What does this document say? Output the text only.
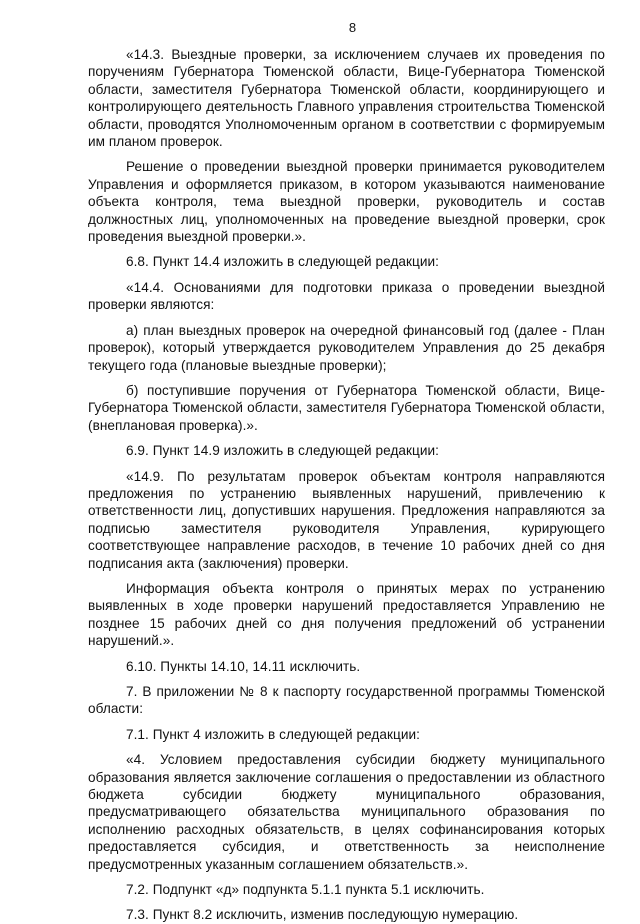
8

«14.3. Выездные проверки, за исключением случаев их проведения по поручениям Губернатора Тюменской области, Вице-Губернатора Тюменской области, заместителя Губернатора Тюменской области, координирующего и контролирующего деятельность Главного управления строительства Тюменской области, проводятся Уполномоченным органом в соответствии с формируемым им планом проверок.

Решение о проведении выездной проверки принимается руководителем Управления и оформляется приказом, в котором указываются наименование объекта контроля, тема выездной проверки, руководитель и состав должностных лиц, уполномоченных на проведение выездной проверки, срок проведения выездной проверки.».

6.8. Пункт 14.4 изложить в следующей редакции:

«14.4. Основаниями для подготовки приказа о проведении выездной проверки являются:

а) план выездных проверок на очередной финансовый год (далее - План проверок), который утверждается руководителем Управления до 25 декабря текущего года (плановые выездные проверки);

б) поступившие поручения от Губернатора Тюменской области, Вице-Губернатора Тюменской области, заместителя Губернатора Тюменской области, (внеплановая проверка).».

6.9. Пункт 14.9 изложить в следующей редакции:

«14.9. По результатам проверок объектам контроля направляются предложения по устранению выявленных нарушений, привлечению к ответственности лиц, допустивших нарушения. Предложения направляются за подписью заместителя руководителя Управления, курирующего соответствующее направление расходов, в течение 10 рабочих дней со дня подписания акта (заключения) проверки.

Информация объекта контроля о принятых мерах по устранению выявленных в ходе проверки нарушений предоставляется Управлению не позднее 15 рабочих дней со дня получения предложений об устранении нарушений.».

6.10. Пункты 14.10, 14.11 исключить.

7. В приложении № 8 к паспорту государственной программы Тюменской области:

7.1. Пункт 4 изложить в следующей редакции:

«4. Условием предоставления субсидии бюджету муниципального образования является заключение соглашения о предоставлении из областного бюджета субсидии бюджету муниципального образования, предусматривающего обязательства муниципального образования по исполнению расходных обязательств, в целях софинансирования которых предоставляется субсидия, и ответственность за неисполнение предусмотренных указанным соглашением обязательств.».

7.2. Подпункт «д» подпункта 5.1.1 пункта 5.1 исключить.

7.3. Пункт 8.2 исключить, изменив последующую нумерацию.
